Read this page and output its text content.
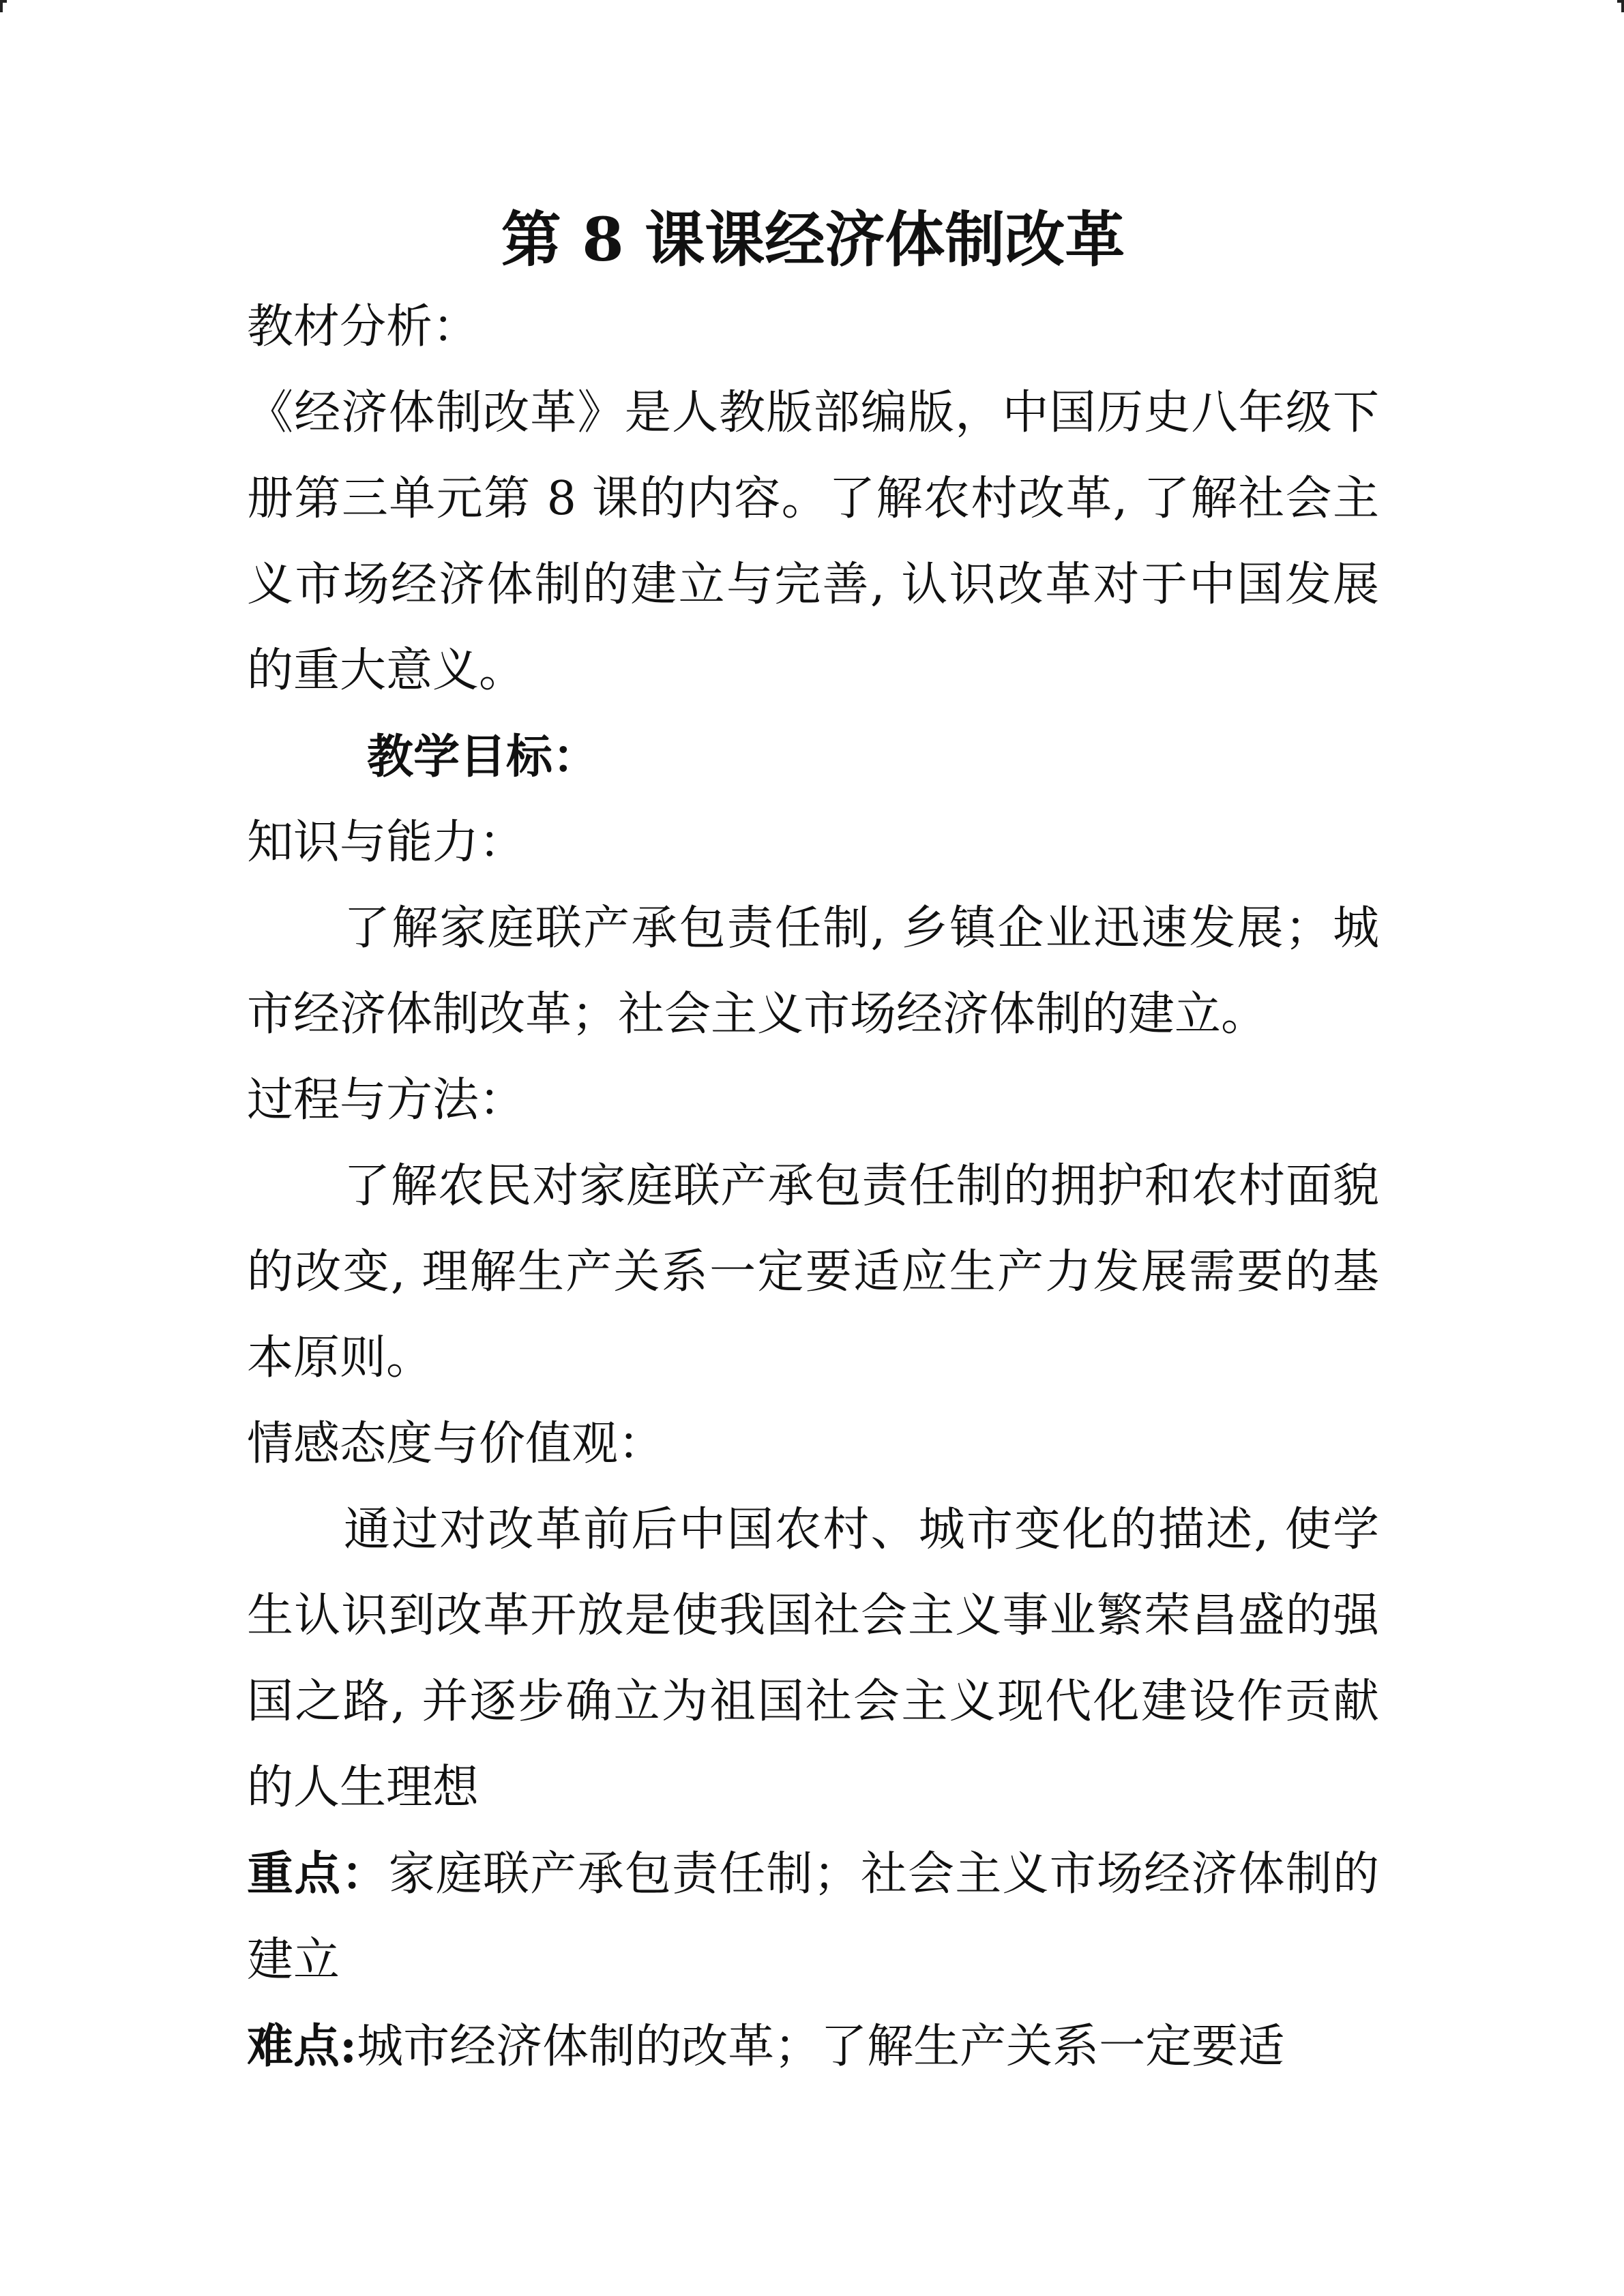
第 8 课课经济体制改革

教材分析：

《经济体制改革》是人教版部编版，中国历史八年级下册第三单元第 8 课的内容。了解农村改革, 了解社会主义市场经济体制的建立与完善, 认识改革对于中国发展的重大意义。

教学目标：

知识与能力：

了解家庭联产承包责任制, 乡镇企业迅速发展；城市经济体制改革；社会主义市场经济体制的建立。

过程与方法：

了解农民对家庭联产承包责任制的拥护和农村面貌的改变, 理解生产关系一定要适应生产力发展需要的基本原则。

情感态度与价值观：

通过对改革前后中国农村、城市变化的描述, 使学生认识到改革开放是使我国社会主义事业繁荣昌盛的强国之路, 并逐步确立为祖国社会主义现代化建设作贡献的人生理想

重点：家庭联产承包责任制；社会主义市场经济体制的建立

难点:城市经济体制的改革；了解生产关系一定要适
